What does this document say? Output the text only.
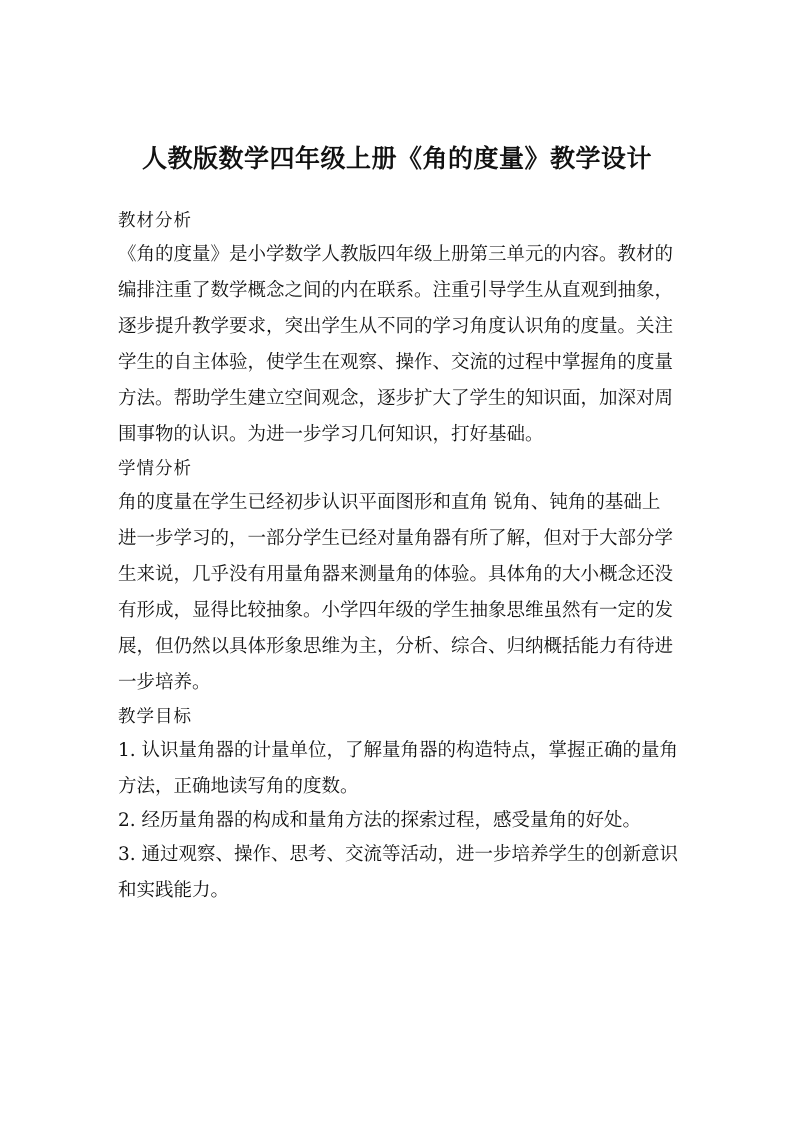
人教版数学四年级上册《角的度量》教学设计
教材分析
《角的度量》是小学数学人教版四年级上册第三单元的内容。教材的
编排注重了数学概念之间的内在联系。注重引导学生从直观到抽象，
逐步提升教学要求，突出学生从不同的学习角度认识角的度量。关注
学生的自主体验，使学生在观察、操作、交流的过程中掌握角的度量
方法。帮助学生建立空间观念，逐步扩大了学生的知识面，加深对周
围事物的认识。为进一步学习几何知识，打好基础。
学情分析
角的度量在学生已经初步认识平面图形和直角 锐角、钝角的基础上
进一步学习的，一部分学生已经对量角器有所了解，但对于大部分学
生来说，几乎没有用量角器来测量角的体验。具体角的大小概念还没
有形成，显得比较抽象。小学四年级的学生抽象思维虽然有一定的发
展，但仍然以具体形象思维为主，分析、综合、归纳概括能力有待进
一步培养。
教学目标
1. 认识量角器的计量单位，了解量角器的构造特点，掌握正确的量角
方法，正确地读写角的度数。
2. 经历量角器的构成和量角方法的探索过程，感受量角的好处。
3. 通过观察、操作、思考、交流等活动，进一步培养学生的创新意识
和实践能力。
